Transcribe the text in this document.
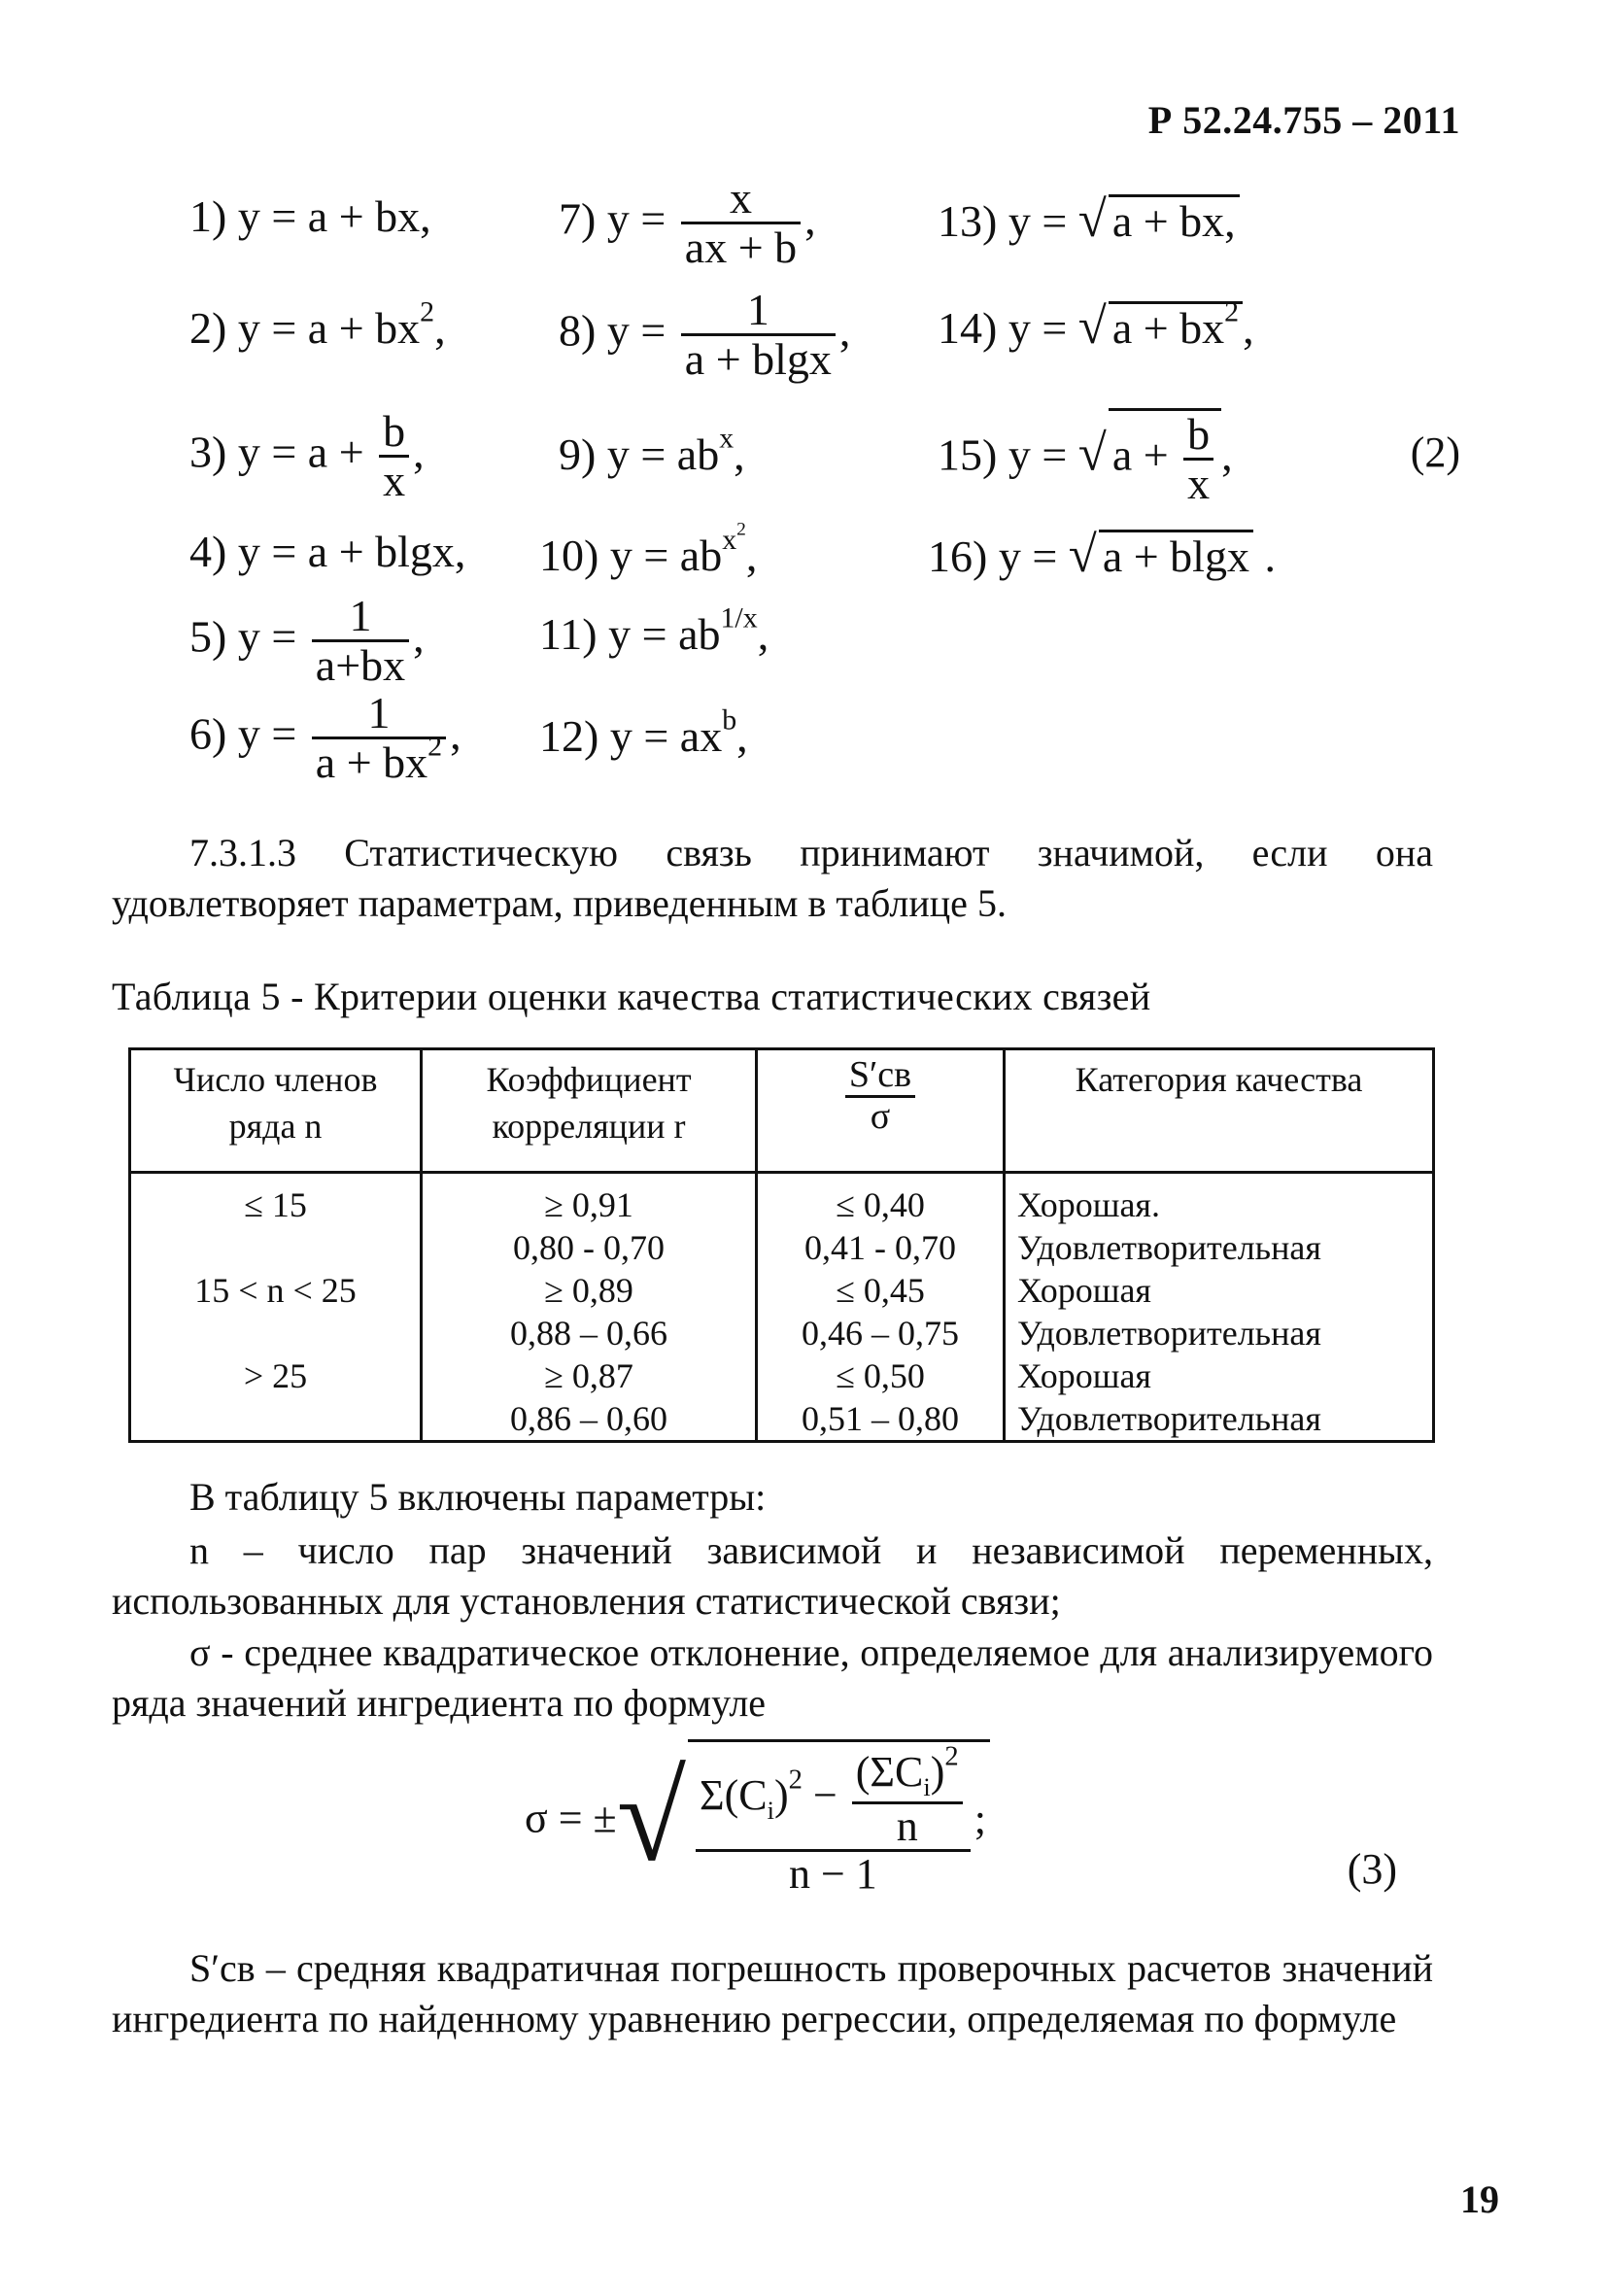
Р 52.24.755 – 2011
1) y = a + bx,
2) $y = a + bx^2$,
3) $y = a + \frac{b}{x}$ ,
4) y = a + blgx,
5) $y = \frac{1}{a+bx}$ ,
6) $y = \frac{1}{a + bx^2}$ ,
7) $y = \frac{x}{ax + b}$ ,
8) $y = \frac{1}{a + blgx}$ ,
9) $y = ab^x$,
10) $y = ab^{x^2}$,
11) $y = ab^{1/x}$,
12) $y = ax^b$,
13) y = √ a + bx,
14) y = √ $a + bx^2$,
15) y = √ $a + \frac{b}{x}$ ,
16) y = √ a + blgx .
(2)
7.3.1.3 Статистическую связь принимают значимой, если она удовлетворяет параметрам, приведенным в таблице 5.
Таблица 5 - Критерии оценки качества статистических связей
Число членов ряда n	Коэффициент корреляции r	$\frac{S'св}{\sigma}$	Категория качества
≤ 15	≥ 0,91	≤ 0,40	Хорошая.
	0,80 - 0,70	0,41 - 0,70	Удовлетворительная
15 < n < 25	≥ 0,89	≤ 0,45	Хорошая
	0,88 – 0,66	0,46 – 0,75	Удовлетворительная
> 25	≥ 0,87	≤ 0,50	Хорошая
	0,86 – 0,60	0,51 – 0,80	Удовлетворительная
В таблицу 5 включены параметры:
n – число пар значений зависимой и независимой переменных, использованных для установления статистической связи;
σ - среднее квадратическое отклонение, определяемое для анализируемого ряда значений ингредиента по формуле
σ = ±√ $\frac{\Sigma(C_i)^2 - \frac{(\Sigma C_i)^2}{n}}{n - 1}$ ;
(3)
S′св – средняя квадратичная погрешность проверочных расчетов значений ингредиента по найденному уравнению регрессии, определяемая по формуле
19
